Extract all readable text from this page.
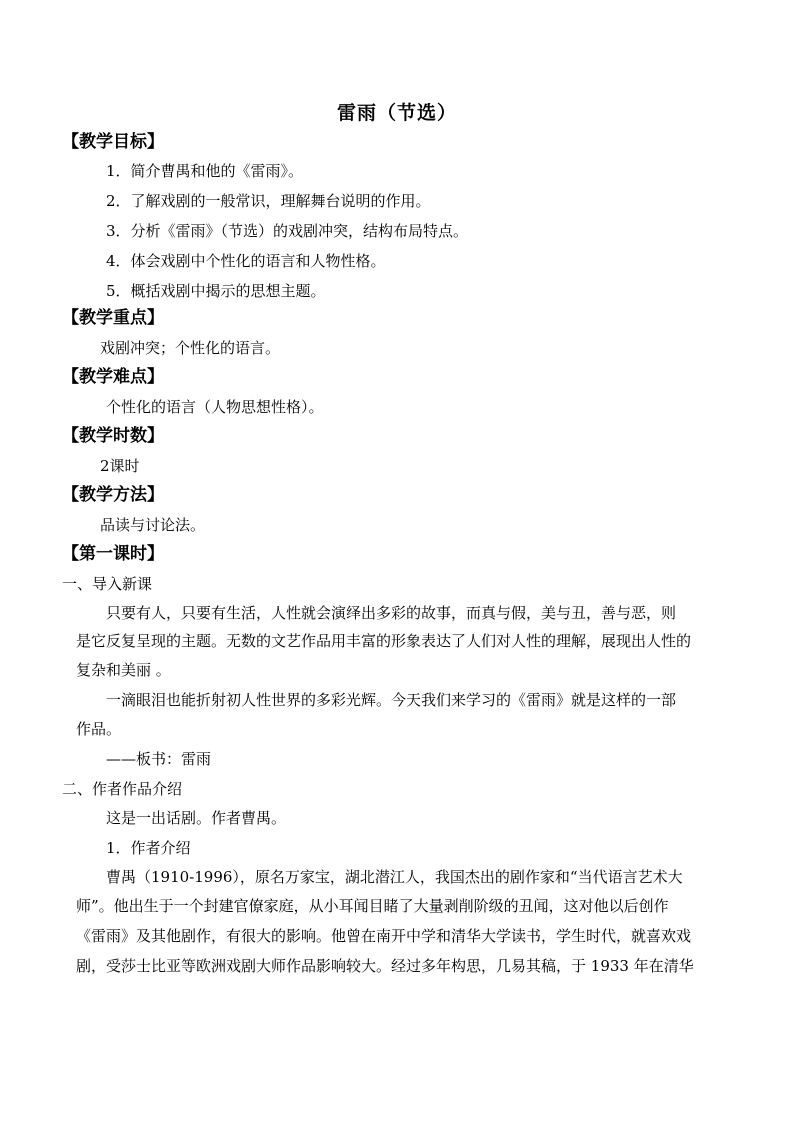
雷雨（节选）
【教学目标】
1．简介曹禺和他的《雷雨》。
2．了解戏剧的一般常识，理解舞台说明的作用。
3．分析《雷雨》（节选）的戏剧冲突，结构布局特点。
4．体会戏剧中个性化的语言和人物性格。
5．概括戏剧中揭示的思想主题。
【教学重点】
戏剧冲突；个性化的语言。
【教学难点】
个性化的语言（人物思想性格）。
【教学时数】
2课时
【教学方法】
品读与讨论法。
【第一课时】
一、导入新课
只要有人，只要有生活，人性就会演绎出多彩的故事，而真与假，美与丑，善与恶，则
是它反复呈现的主题。无数的文艺作品用丰富的形象表达了人们对人性的理解，展现出人性的
复杂和美丽 。
一滴眼泪也能折射初人性世界的多彩光辉。今天我们来学习的《雷雨》就是这样的一部
作品。
——板书：雷雨
二、作者作品介绍
这是一出话剧。作者曹禺。
1．作者介绍
曹禺（1910-1996），原名万家宝，湖北潜江人，我国杰出的剧作家和“当代语言艺术大
师”。他出生于一个封建官僚家庭，从小耳闻目睹了大量剥削阶级的丑闻，这对他以后创作
《雷雨》及其他剧作，有很大的影响。他曾在南开中学和清华大学读书，学生时代，就喜欢戏
剧，受莎士比亚等欧洲戏剧大师作品影响较大。经过多年构思，几易其稿，于 1933 年在清华
